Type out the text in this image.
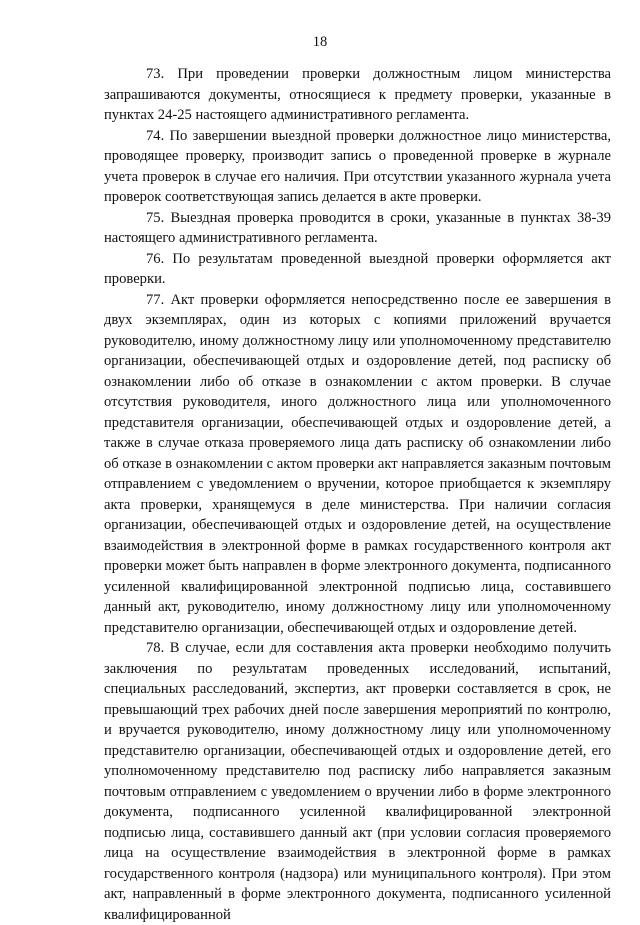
18

73. При проведении проверки должностным лицом министерства запрашиваются документы, относящиеся к предмету проверки, указанные в пунктах 24-25 настоящего административного регламента.

74. По завершении выездной проверки должностное лицо министерства, проводящее проверку, производит запись о проведенной проверке в журнале учета проверок в случае его наличия. При отсутствии указанного журнала учета проверок соответствующая запись делается в акте проверки.

75. Выездная проверка проводится в сроки, указанные в пунктах 38-39 настоящего административного регламента.

76. По результатам проведенной выездной проверки оформляется акт проверки.

77. Акт проверки оформляется непосредственно после ее завершения в двух экземплярах, один из которых с копиями приложений вручается руководителю, иному должностному лицу или уполномоченному представителю организации, обеспечивающей отдых и оздоровление детей, под расписку об ознакомлении либо об отказе в ознакомлении с актом проверки. В случае отсутствия руководителя, иного должностного лица или уполномоченного представителя организации, обеспечивающей отдых и оздоровление детей, а также в случае отказа проверяемого лица дать расписку об ознакомлении либо об отказе в ознакомлении с актом проверки акт направляется заказным почтовым отправлением с уведомлением о вручении, которое приобщается к экземпляру акта проверки, хранящемуся в деле министерства. При наличии согласия организации, обеспечивающей отдых и оздоровление детей, на осуществление взаимодействия в электронной форме в рамках государственного контроля акт проверки может быть направлен в форме электронного документа, подписанного усиленной квалифицированной электронной подписью лица, составившего данный акт, руководителю, иному должностному лицу или уполномоченному представителю организации, обеспечивающей отдых и оздоровление детей.

78. В случае, если для составления акта проверки необходимо получить заключения по результатам проведенных исследований, испытаний, специальных расследований, экспертиз, акт проверки составляется в срок, не превышающий трех рабочих дней после завершения мероприятий по контролю, и вручается руководителю, иному должностному лицу или уполномоченному представителю организации, обеспечивающей отдых и оздоровление детей, его уполномоченному представителю под расписку либо направляется заказным почтовым отправлением с уведомлением о вручении либо в форме электронного документа, подписанного усиленной квалифицированной электронной подписью лица, составившего данный акт (при условии согласия проверяемого лица на осуществление взаимодействия в электронной форме в рамках государственного контроля (надзора) или муниципального контроля). При этом акт, направленный в форме электронного документа, подписанного усиленной квалифицированной
